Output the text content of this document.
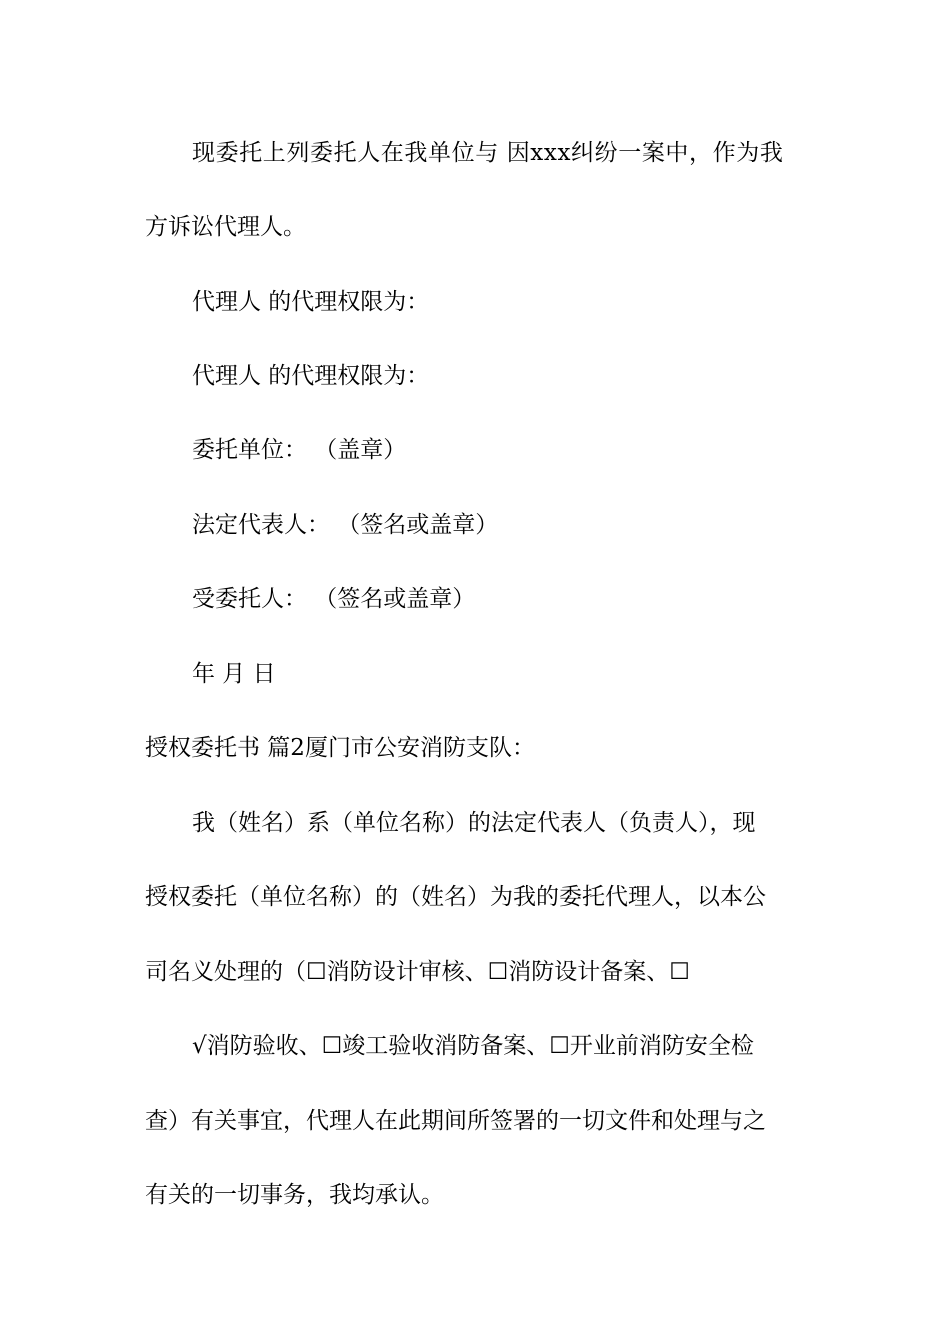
现委托上列委托人在我单位与 因xxx纠纷一案中，作为我
方诉讼代理人。
代理人 的代理权限为：
代理人 的代理权限为：
委托单位： （盖章）
法定代表人： （签名或盖章）
受委托人： （签名或盖章）
年 月 日
授权委托书 篇2厦门市公安消防支队：
我（姓名）系（单位名称）的法定代表人（负责人），现
授权委托（单位名称）的（姓名）为我的委托代理人，以本公
司名义处理的（☐消防设计审核、☐消防设计备案、☐
√消防验收、☐竣工验收消防备案、☐开业前消防安全检
查）有关事宜，代理人在此期间所签署的一切文件和处理与之
有关的一切事务，我均承认。
